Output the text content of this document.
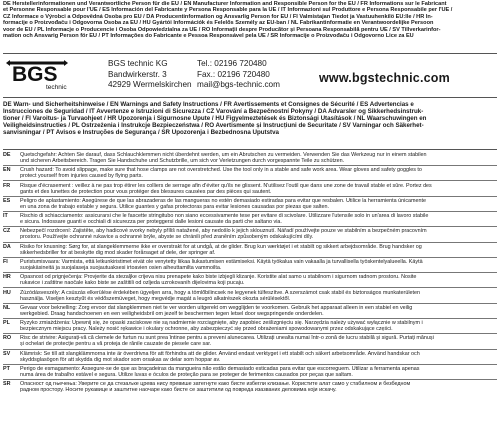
DE Herstellerinformationen und Verantwortliche Person für die EU / EN Manufacturer Information and Responsible Person for the EU / FR Informations sur le Fabricant

et Personne Responsable pour l'UE / ES Información del Fabricante y Persona Responsable para la UE / IT Informazioni sul Produttore e Persona Responsabile per l'UE /

CZ Informace o Výrobci a Odpovědná Osoba pro EU / DA Producentinformation og Ansvarlig Person for EU / FI Valmistajan Tiedot ja Vastuuhenkilö EU:lle / HR In-

formacije o Proizvođaču i Odgovorna Osoba za EU / HU Gyártói Információk és Felelős Személy az EU-ban / NL Fabrikantinformatie en Verantwoordelijke Persoon

voor de EU / PL Informacje o Producencie i Osoba Odpowiedzialna za UE / RO Informații despre Producător și Persoana Responsabilă pentru UE / SV Tillverkarinfor-

mation och Ansvarig Person för EU / PT Informações do Fabricante e Pessoa Responsável pela UE / SR Informacije o Proizvođaču i Odgovorno Lice za EU

BGS
technic
BGS technic KG
Bandwirkerstr. 3
42929 Wermelskirchen
Tel.: 02196 720480
Fax.: 02196 720480
mail@bgs-technic.com	www.bgstechnic.com

DE Warn- und Sicherheitshinweise / EN Warnings and Safety Instructions / FR Avertissements et Consignes de Sécurité / ES Advertencias e

Instrucciones de Seguridad / IT Avvertenze e Istruzioni di Sicurezza / CZ Varování a Bezpečnostní Pokyny / DA Advarsler og Sikkerhedsinstruk-

tioner / FI Varoitus- ja Turvaohjeet / HR Upozorenja i Sigurnosne Upute / HU Figyelmeztetések és Biztonsági Utasítások / NL Waarschuwingen en

Veiligheidsinstructies / PL Ostrzeżenia i Instrukcje Bezpieczeństwa / RO Avertismente și Instrucțiuni de Securitate / SV Varningar och Säkerhet-

sanvisningar / PT Avisos e Instruções de Segurança / SR Upozorenja i Bezbednosna Uputstva

DE	Quetschgefahr: Achten Sie darauf, dass Schlauchklemmen nicht überdehnt werden, um ein Abrutschen zu vermeiden. Verwenden Sie das Werkzeug nur in einem stabilen
und sicheren Arbeitsbereich. Tragen Sie Handschuhe und Schutzbrille, um sich vor Verletzungen durch vorgespannte Teile zu schützen.
EN	Crush hazard: To avoid slippage, make sure that hose clamps are not overstretched. Use the tool only in a stable and safe work area. Wear gloves and safety goggles to
protect yourself from injuries caused by flying parts.
FR	Risque d'écrasement : veillez à ne pas trop étirer les colliers de serrage afin d'éviter qu'ils ne glissent. N'utilisez l'outil que dans une zone de travail stable et sûre. Portez des
gants et des lunettes de protection pour vous protéger des blessures causées par des pièces qui sautent.
ES	Peligro de aplastamiento: Asegúrese de que las abrazaderas de las mangueras no estén demasiado estiradas para evitar que resbalen. Utilice la herramienta únicamente
en una zona de trabajo estable y segura. Utilice guantes y gafas protectoras para evitar lesiones causadas por piezas que salten.
IT	Rischio di schiacciamento: assicurarsi che le fascette stringitubo non siano eccessivamente tese per evitare di scivolare. Utilizzare l'utensile solo in un'area di lavoro stabile
e sicura. Indossare guanti e occhiali di sicurezza per proteggersi dalle lesioni causate da parti che saltano via.
CZ	Nebezpečí rozdrcení: Zajistěte, aby hadicové svorky nebyly příliš natažené, aby nedošlo k jejich sklouznutí. Nářadí používejte pouze ve stabilním a bezpečném pracovním
prostoru. Používejte ochranné rukavice a ochranné brýle, abyste se chránili před zraněním způsobeným odskakujícími díly.
DA	Risiko for knusning: Sørg for, at slangeklemmerne ikke er overstrakt for at undgå, at de glider. Brug kun værktøjet i et stabilt og sikkert arbejdsområde. Brug handsker og
sikkerhedsbriller for at beskytte dig mod skader forårsaget af dele, der springer af.
FI	Puristumisvaara: Varmista, että letkunkiristimet eivät ole venytetty liikaa liukastumisen estämiseksi. Käytä työkalua vain vakaalla ja turvallisella työskentelyalueella. Käytä
suojakäsineitä ja suojalaseja suojautuaksesi irtoavien osien aiheuttamilta vammoilta.
HR	Opasnost od prignječenja: Provjerite da stezaljke crijeva nisu prenapete kako biste izbjegli klizanje. Koristite alat samo u stabilnom i sigurnom radnom prostoru. Nosite
rukavice i zaštitne naočale kako biste se zaštitili od ozljeda uzrokovanih dijelovima koji pucaju.
HU	Zúzódásveszély: A csúszás elkerülése érdekében ügyeljen arra, hogy a tömlőbilincsek ne legyenek túlfeszítve. A szerszámot csak stabil és biztonságos munkaterületen
használja. Viseljen kesztyűt és védőszemüveget, hogy megvédje magát a leugró alkatrészek okozta sérülésektől.
NL	Gevaar voor beknelling: Zorg ervoor dat slangklemmen niet te ver worden uitgerekt om wegglijden te voorkomen. Gebruik het apparaat alleen in een stabiel en veilig
werkgebied. Draag handschoenen en een veiligheidsbril om jezelf te beschermen tegen letsel door wegspringende onderdelen.
PL	Ryzyko zmiażdżenia: Upewnij się, że opaski zaciskowe nie są nadmiernie rozciągnięte, aby zapobiec ześlizgnięciu się. Narzędzia należy używać wyłącznie w stabilnym i
bezpiecznym miejscu pracy. Należy nosić rękawice i okulary ochronne, aby zabezpieczyć się przed obrażeniami spowodowanymi przez odskakujące części.
RO	Risc de strivire: Asigurați-vă că clemele de furtun nu sunt prea întinse pentru a preveni alunecarea. Utilizați unealta numai într-o zonă de lucru stabilă și sigură. Purtați mănuși
și ochelari de protecție pentru a vă proteja de rănile cauzate de piesele care sar.
SV	Klämrisk: Se till att slangklämmorna inte är överdrivna för att förhindra att de glider. Använd endast verktyget i ett stabilt och säkert arbetsområde. Använd handskar och
skyddsglasögon för att skydda dig mot skador som orsakas av delar som hoppar av.
PT	Perigo de esmagamento: Assegure-se de que as braçadeiras da mangueira não estão demasiado esticadas para evitar que escorreguem. Utilizar a ferramenta apenas
numa área de trabalho estável e segura. Utilize luvas e óculos de proteção para se proteger de ferimentos causados por peças que saltam.
SR	Опасност од гњечења: Уверите се да стезаљке црева нису превише затегнуте како бисте избегли клизање. Користите алат само у стабилном и безбедном
радном простору. Носите рукавице и заштитне наочаре како бисте се заштитили од повреда изазваних деловима који искачу.
